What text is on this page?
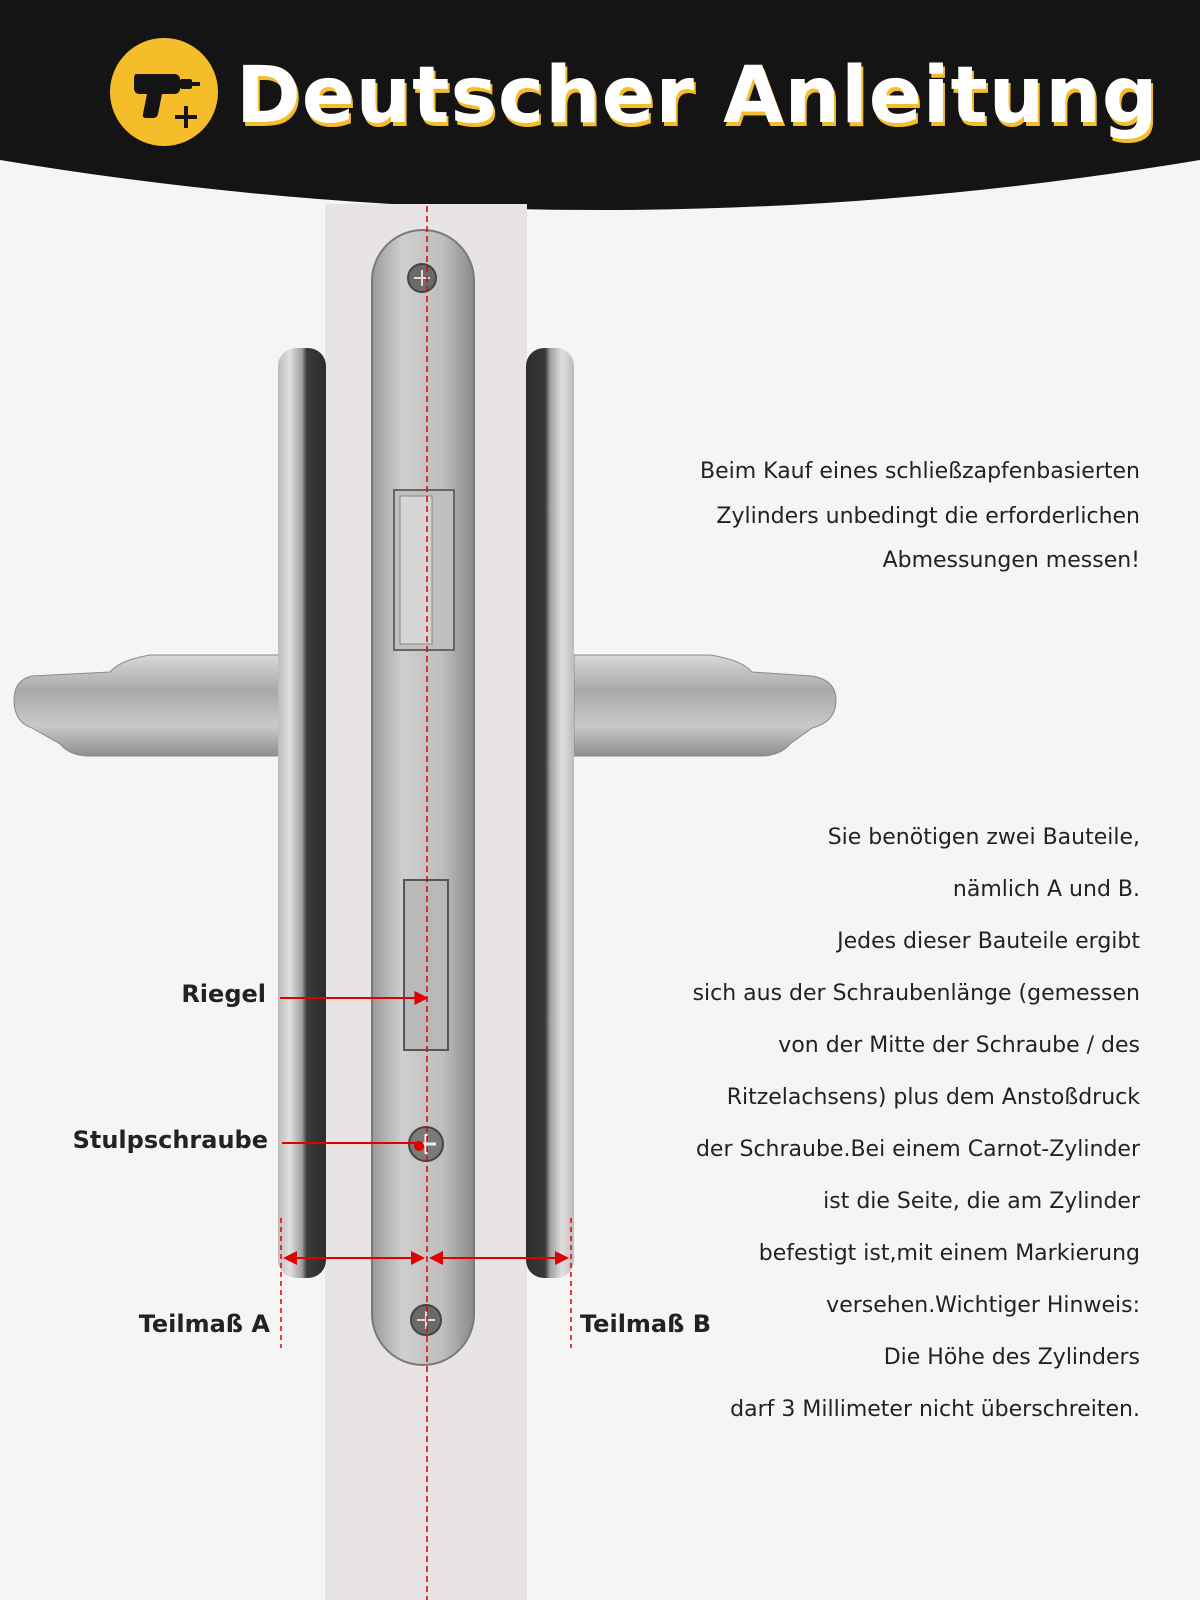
Deutscher Anleitung

Riegel

Stulpschraube

Teilmaß A	Teilmaß B

Beim Kauf eines schließzapfenbasierten
Zylinders unbedingt die erforderlichen
Abmessungen messen!
Sie benötigen zwei Bauteile,
nämlich A und B.
Jedes dieser Bauteile ergibt
sich aus der Schraubenlänge (gemessen
von der Mitte der Schraube / des
Ritzelachsens) plus dem Anstoßdruck
der Schraube.Bei einem Carnot-Zylinder
ist die Seite, die am Zylinder
befestigt ist,mit einem Markierung
versehen.Wichtiger Hinweis:
Die Höhe des Zylinders
darf 3 Millimeter nicht überschreiten.
